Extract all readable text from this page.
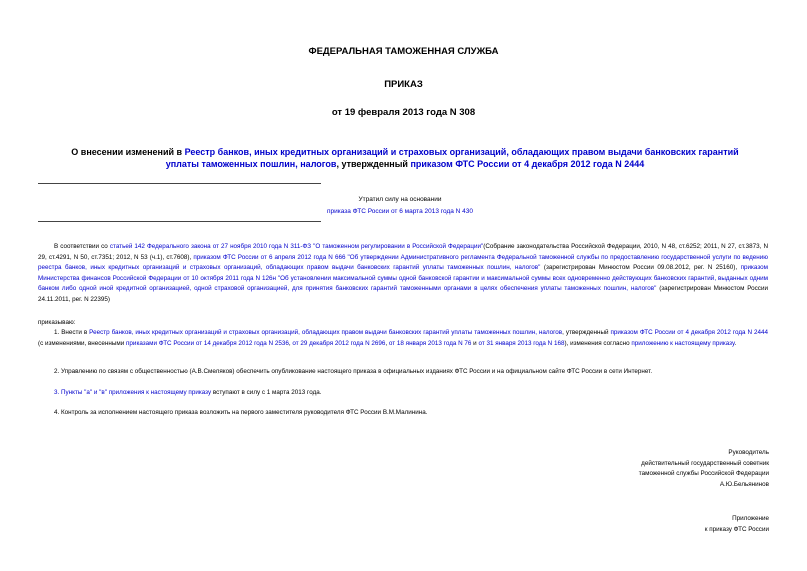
ФЕДЕРАЛЬНАЯ ТАМОЖЕННАЯ СЛУЖБА
ПРИКАЗ
от 19 февраля 2013 года N 308
О внесении изменений в Реестр банков, иных кредитных организаций и страховых организаций, обладающих правом выдачи банковских гарантий уплаты таможенных пошлин, налогов, утвержденный приказом ФТС России от 4 декабря 2012 года N 2444
Утратил силу на основании
приказа ФТС России от 6 марта 2013 года N 430
В соответствии со статьей 142 Федерального закона от 27 ноября 2010 года N 311-ФЗ "О таможенном регулировании в Российской Федерации"(Собрание законодательства Российской Федерации, 2010, N 48, ст.6252; 2011, N 27, ст.3873, N 29, ст.4291, N 50, ст.7351; 2012, N 53 (ч.1), ст.7608), приказом ФТС России от 6 апреля 2012 года N 666 "Об утверждении Административного регламента Федеральной таможенной службы по предоставлению государственной услуги по ведению реестра банков, иных кредитных организаций и страховых организаций, обладающих правом выдачи банковских гарантий уплаты таможенных пошлин, налогов" (зарегистрирован Минюстом России 09.08.2012, рег. N 25160), приказом Министерства финансов Российской Федерации от 10 октября 2011 года N 126н "Об установлении максимальной суммы одной банковской гарантии и максимальной суммы всех одновременно действующих банковских гарантий, выданных одним банком либо одной иной кредитной организацией, одной страховой организацией, для принятия банковских гарантий таможенными органами в целях обеспечения уплаты таможенных пошлин, налогов" (зарегистрирован Минюстом России 24.11.2011, рег. N 22395)
приказываю:
1. Внести в Реестр банков, иных кредитных организаций и страховых организаций, обладающих правом выдачи банковских гарантий уплаты таможенных пошлин, налогов, утвержденный приказом ФТС России от 4 декабря 2012 года N 2444 (с изменениями, внесенными приказами ФТС России от 14 декабря 2012 года N 2536, от 29 декабря 2012 года N 2696, от 18 января 2013 года N 76 и от 31 января 2013 года N 168), изменения согласно приложению к настоящему приказу.
2. Управлению по связям с общественностью (А.В.Смеляков) обеспечить опубликование настоящего приказа в официальных изданиях ФТС России и на официальном сайте ФТС России в сети Интернет.
3. Пункты "а" и "в" приложения к настоящему приказу вступают в силу с 1 марта 2013 года.
4. Контроль за исполнением настоящего приказа возложить на первого заместителя руководителя ФТС России В.М.Малинина.
Руководитель
действительный государственный советник
таможенной службы Российской Федерации
А.Ю.Бельянинов
Приложение
к приказу ФТС России
